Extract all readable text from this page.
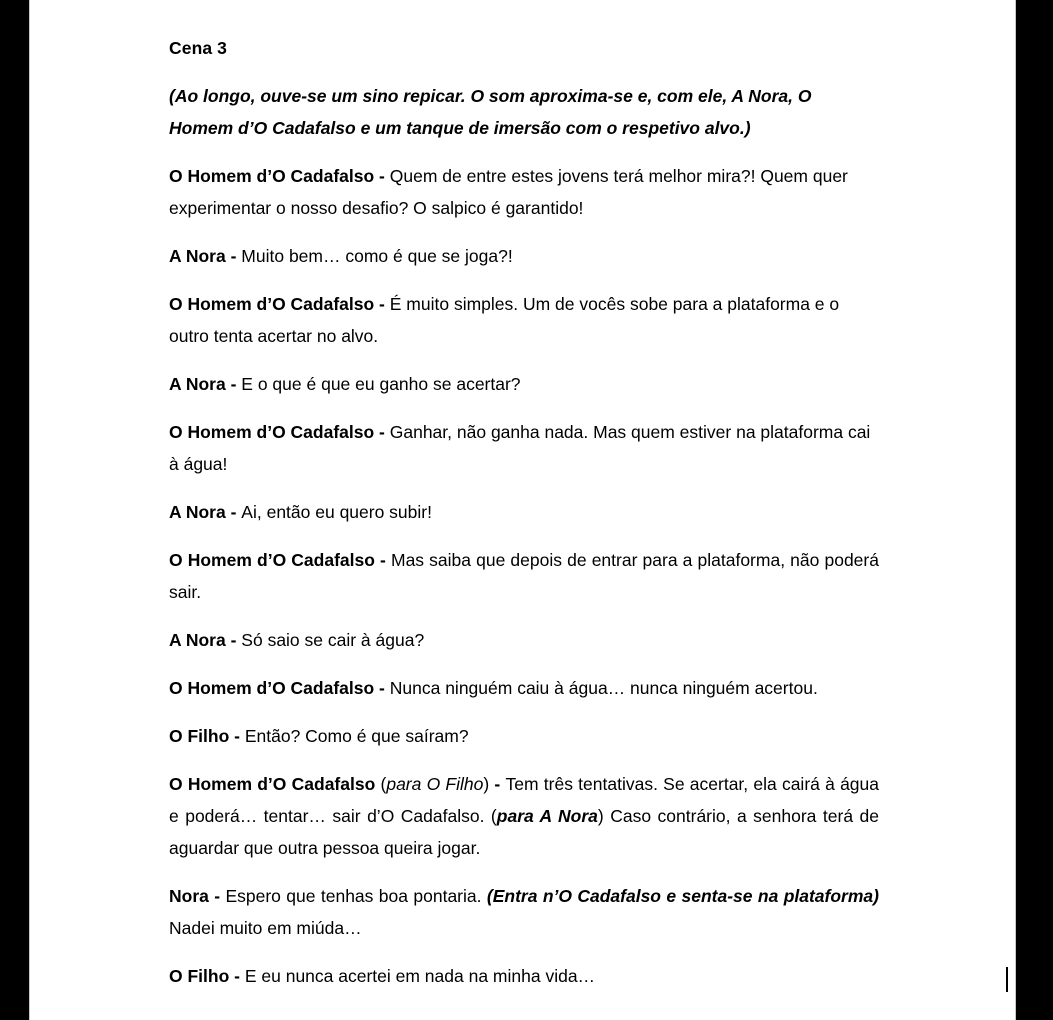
Cena 3

(Ao longo, ouve-se um sino repicar. O som aproxima-se e, com ele, A Nora, O Homem d’O Cadafalso e um tanque de imersão com o respetivo alvo.)

O Homem d’O Cadafalso - Quem de entre estes jovens terá melhor mira?! Quem quer experimentar o nosso desafio? O salpico é garantido!

A Nora - Muito bem… como é que se joga?!

O Homem d’O Cadafalso - É muito simples. Um de vocês sobe para a plataforma e o outro tenta acertar no alvo.

A Nora - E o que é que eu ganho se acertar?

O Homem d’O Cadafalso - Ganhar, não ganha nada. Mas quem estiver na plataforma cai à água!

A Nora - Ai, então eu quero subir!

O Homem d’O Cadafalso - Mas saiba que depois de entrar para a plataforma, não poderá sair.

A Nora - Só saio se cair à água?

O Homem d’O Cadafalso - Nunca ninguém caiu à água… nunca ninguém acertou.

O Filho - Então? Como é que saíram?

O Homem d’O Cadafalso (para O Filho) - Tem três tentativas. Se acertar, ela cairá à água e poderá… tentar… sair d’O Cadafalso. (para A Nora) Caso contrário, a senhora terá de aguardar que outra pessoa queira jogar.

Nora - Espero que tenhas boa pontaria. (Entra n’O Cadafalso e senta-se na plataforma) Nadei muito em miúda…

O Filho - E eu nunca acertei em nada na minha vida…
